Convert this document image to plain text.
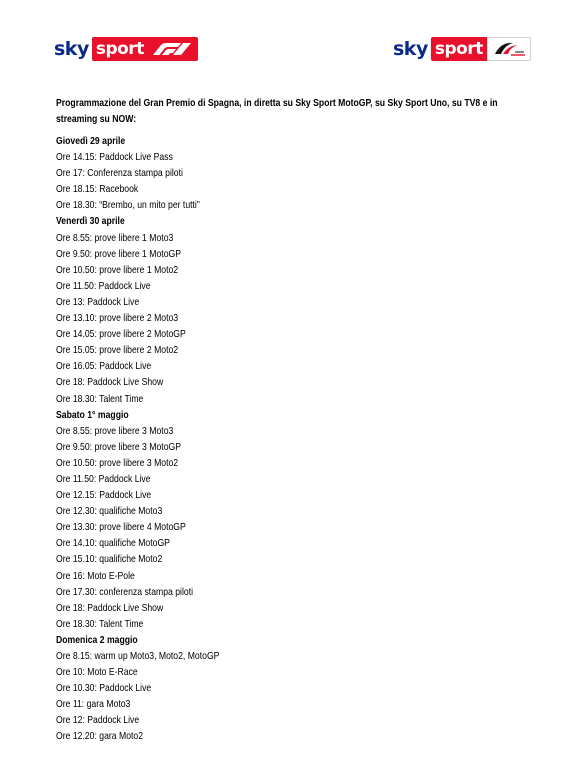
sky sport	sky sport

Programmazione del Gran Premio di Spagna, in diretta su Sky Sport MotoGP, su Sky Sport Uno, su TV8 e in streaming su NOW:

Giovedì 29 aprile
Ore 14.15: Paddock Live Pass
Ore 17: Conferenza stampa piloti
Ore 18.15: Racebook
Ore 18.30: “Brembo, un mito per tutti”
Venerdì 30 aprile
Ore 8.55: prove libere 1 Moto3
Ore 9.50: prove libere 1 MotoGP
Ore 10.50: prove libere 1 Moto2
Ore 11.50: Paddock Live
Ore 13: Paddock Live
Ore 13.10: prove libere 2 Moto3
Ore 14.05: prove libere 2 MotoGP
Ore 15.05: prove libere 2 Moto2
Ore 16.05: Paddock Live
Ore 18: Paddock Live Show
Ore 18.30: Talent Time
Sabato 1° maggio
Ore 8.55: prove libere 3 Moto3
Ore 9.50: prove libere 3 MotoGP
Ore 10.50: prove libere 3 Moto2
Ore 11.50: Paddock Live
Ore 12.15: Paddock Live
Ore 12.30: qualifiche Moto3
Ore 13.30: prove libere 4 MotoGP
Ore 14.10: qualifiche MotoGP
Ore 15.10: qualifiche Moto2
Ore 16: Moto E-Pole
Ore 17.30: conferenza stampa piloti
Ore 18: Paddock Live Show
Ore 18.30: Talent Time
Domenica 2 maggio
Ore 8.15: warm up Moto3, Moto2, MotoGP
Ore 10: Moto E-Race
Ore 10.30: Paddock Live
Ore 11: gara Moto3
Ore 12: Paddock Live
Ore 12.20: gara Moto2
